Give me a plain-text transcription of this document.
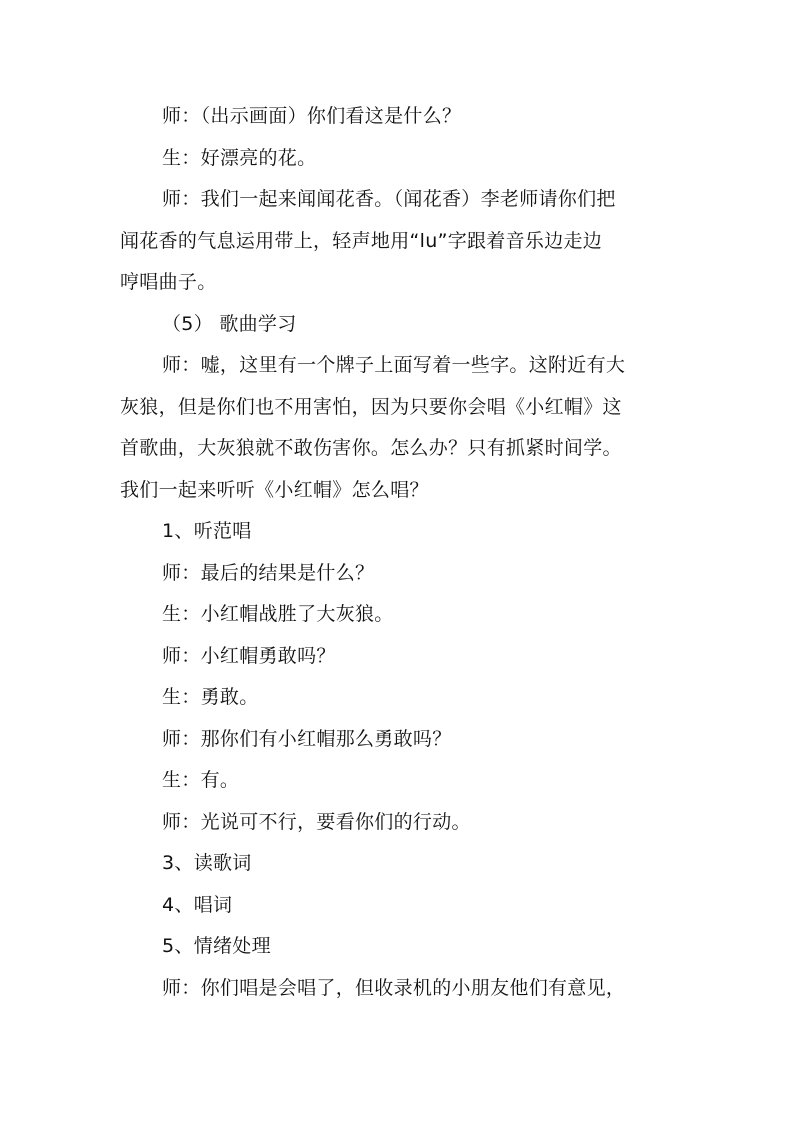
师：（出示画面）你们看这是什么？
生：好漂亮的花。
师：我们一起来闻闻花香。（闻花香）李老师请你们把
闻花香的气息运用带上，轻声地用“lu”字跟着音乐边走边
哼唱曲子。
（5） 歌曲学习
师：嘘，这里有一个牌子上面写着一些字。这附近有大
灰狼，但是你们也不用害怕，因为只要你会唱《小红帽》这
首歌曲，大灰狼就不敢伤害你。怎么办？只有抓紧时间学。
我们一起来听听《小红帽》怎么唱？
1、听范唱
师：最后的结果是什么？
生：小红帽战胜了大灰狼。
师：小红帽勇敢吗？
生：勇敢。
师：那你们有小红帽那么勇敢吗？
生：有。
师：光说可不行，要看你们的行动。
3、读歌词
4、唱词
5、情绪处理
师：你们唱是会唱了，但收录机的小朋友他们有意见，
